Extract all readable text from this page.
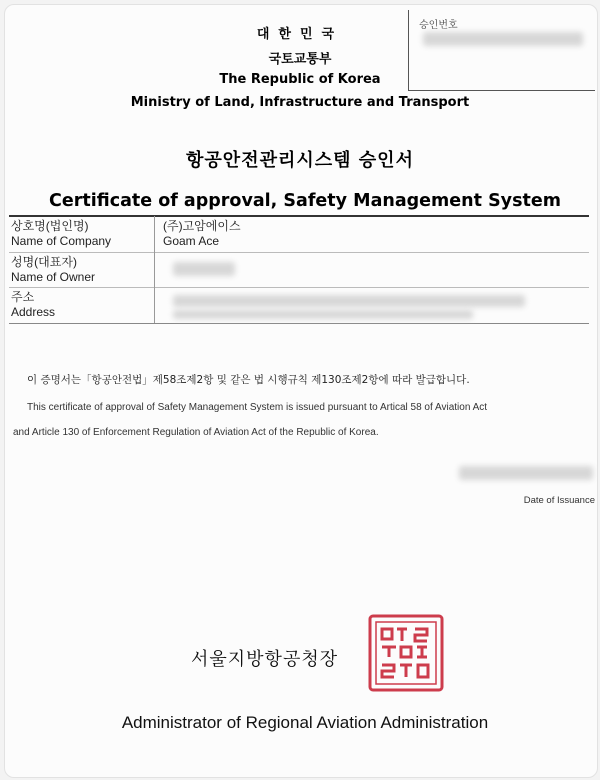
승인번호
대한민국
국토교통부
The Republic of Korea
Ministry of Land, Infrastructure and Transport
항공안전관리시스템 승인서
Certificate of approval, Safety Management System
상호명(법인명)
Name of Company
(주)고암에이스
Goam Ace
성명(대표자)
Name of Owner
주소
Address
이 증명서는「항공안전법」제58조제2항 및 같은 법 시행규칙 제130조제2항에 따라 발급합니다.
This certificate of approval of Safety Management System is issued pursuant to Artical 58 of Aviation Act
and Article 130 of Enforcement Regulation of Aviation Act of the Republic of Korea.
Date of Issuance
서울지방항공청장
Administrator of Regional Aviation Administration
